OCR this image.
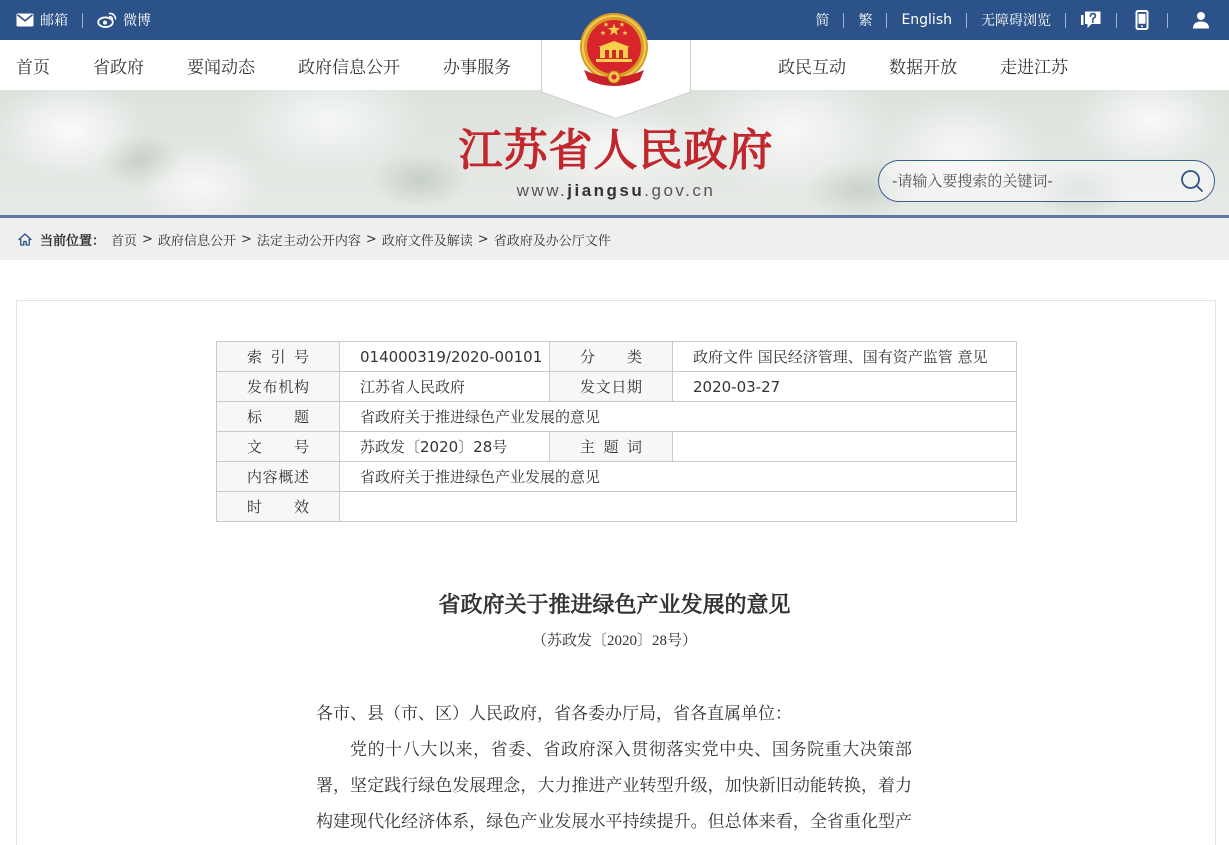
邮箱	微博	简 繁 English 无障碍浏览
首页	省政府	要闻动态	政府信息公开	办事服务	政民互动	数据开放	走进江苏
江苏省人民政府
www.jiangsu.gov.cn
-请输入要搜索的关键词-
当前位置： 首页 > 政府信息公开 > 法定主动公开内容 > 政府文件及解读 > 省政府及办公厅文件
索引号	014000319/2020-00101	分类	政府文件 国民经济管理、国有资产监管 意见
发布机构	江苏省人民政府	发文日期	2020-03-27
标题	省政府关于推进绿色产业发展的意见		
文号	苏政发〔2020〕28号	主题词	
内容概述	省政府关于推进绿色产业发展的意见		
时效			
省政府关于推进绿色产业发展的意见
（苏政发〔2020〕28号）
各市、县（市、区）人民政府，省各委办厅局，省各直属单位：
党的十八大以来，省委、省政府深入贯彻落实党中央、国务院重大决策部
署，坚定践行绿色发展理念，大力推进产业转型升级，加快新旧动能转换，着力
构建现代化经济体系，绿色产业发展水平持续提升。但总体来看，全省重化型产
